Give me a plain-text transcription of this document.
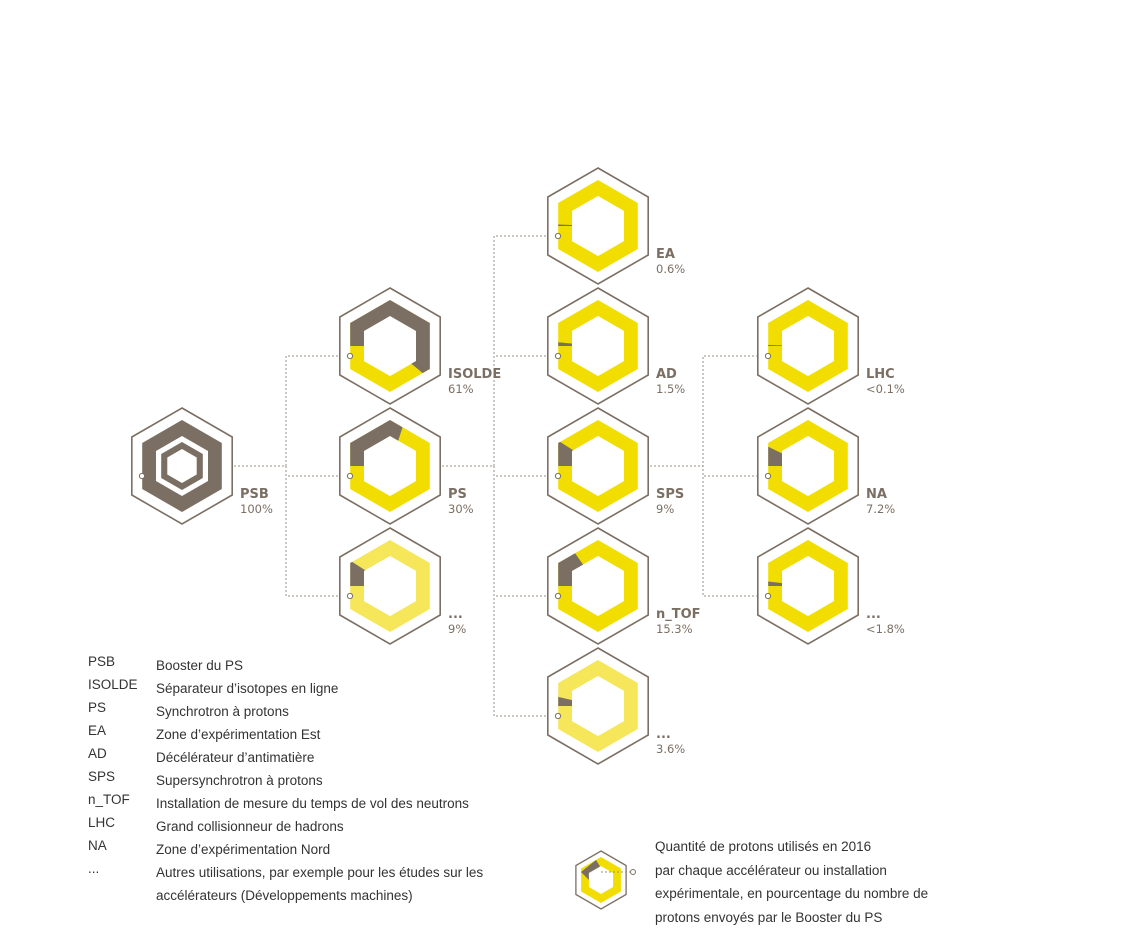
PSB
100%
ISOLDE
61%
PS
30%
...
9%
EA
0.6%
AD
1.5%
SPS
9%
n_TOF
15.3%
...
3.6%
LHC
<0.1%
NA
7.2%
...
<1.8%
PSB	Booster du PS
ISOLDE Séparateur d’isotopes en ligne
PS	Synchrotron à protons
EA	Zone d’expérimentation Est
AD	Décélérateur d’antimatière
SPS	Supersynchrotron à protons
n_TOF Installation de mesure du temps de vol des neutrons
LHC	Grand collisionneur de hadrons
NA	Zone d’expérimentation Nord
...	Autres utilisations, par exemple pour les études sur les accélérateurs (Développements machines)
Quantité de protons utilisés en 2016
par chaque accélérateur ou installation
expérimentale, en pourcentage du nombre de
protons envoyés par le Booster du PS
